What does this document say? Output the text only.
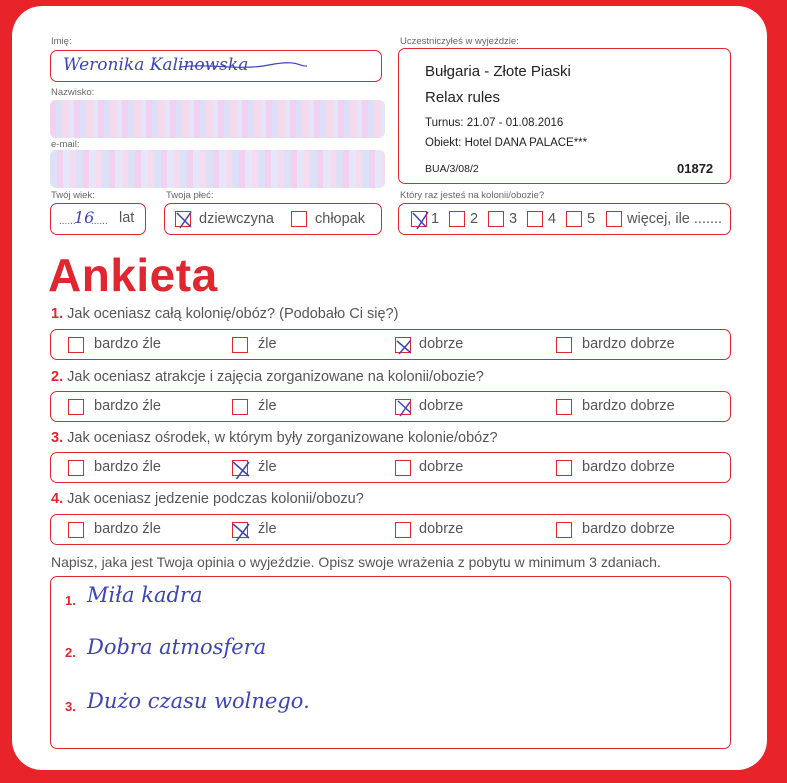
Imię:
Weronika Kalinowska
Nazwisko:
e-mail:
Twój wiek:
......
16
...... lat
Twoja płeć:
dziewczyna	chłopak
Uczestniczyłeś w wyjeździe:
Bułgaria - Złote Piaski
Relax rules
Turnus: 21.07 - 01.08.2016
Obiekt: Hotel DANA PALACE***
BUA/3/08/2	01872
Który raz jesteś na kolonii/obozie?
1 2 3 4 5 więcej, ile .......
Ankieta
1. Jak oceniasz całą kolonię/obóz? (Podobało Ci się?)
bardzo źle	źle	dobrze	bardzo dobrze
2. Jak oceniasz atrakcje i zajęcia zorganizowane na kolonii/obozie?
bardzo źle	źle	dobrze	bardzo dobrze
3. Jak oceniasz ośrodek, w którym były zorganizowane kolonie/obóz?
bardzo źle	źle	dobrze	bardzo dobrze
4. Jak oceniasz jedzenie podczas kolonii/obozu?
bardzo źle	źle	dobrze	bardzo dobrze
Napisz, jaka jest Twoja opinia o wyjeździe. Opisz swoje wrażenia z pobytu w minimum 3 zdaniach.
1. Miła kadra
2. Dobra atmosfera
3. Dużo czasu wolnego.
